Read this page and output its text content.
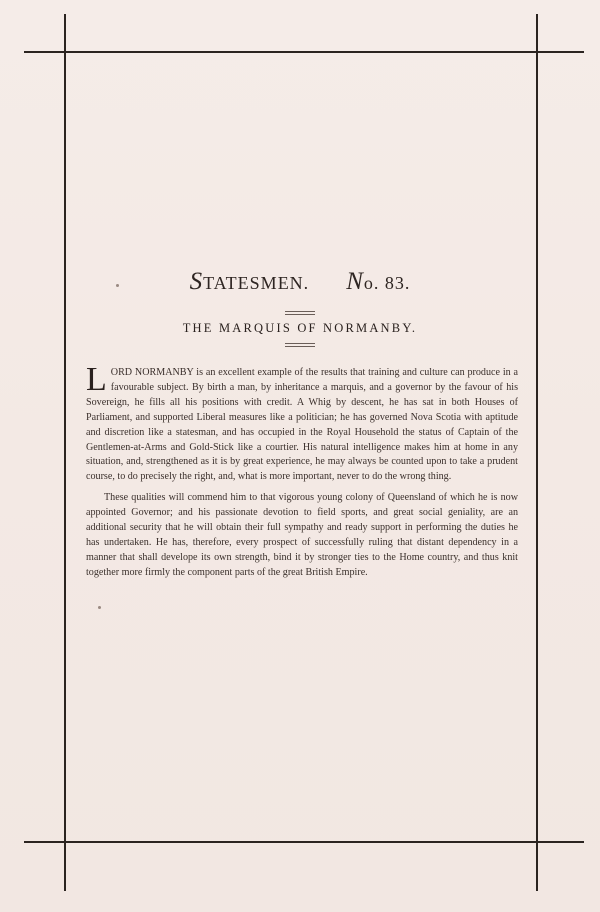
STATESMEN. No. 83.
THE MARQUIS OF NORMANBY.

LORD NORMANBY is an excellent example of the results that training and culture can produce in a favourable subject. By birth a man, by inheritance a marquis, and a governor by the favour of his Sovereign, he fills all his positions with credit. A Whig by descent, he has sat in both Houses of Parliament, and supported Liberal measures like a politician; he has governed Nova Scotia with aptitude and discretion like a statesman, and has occupied in the Royal Household the status of Captain of the Gentlemen-at-Arms and Gold-Stick like a courtier. His natural intelligence makes him at home in any situation, and, strengthened as it is by great experience, he may always be counted upon to take a prudent course, to do precisely the right, and, what is more important, never to do the wrong thing.

These qualities will commend him to that vigorous young colony of Queensland of which he is now appointed Governor; and his passionate devotion to field sports, and great social geniality, are an additional security that he will obtain their full sympathy and ready support in performing the duties he has undertaken. He has, therefore, every prospect of successfully ruling that distant dependency in a manner that shall develope its own strength, bind it by stronger ties to the Home country, and thus knit together more firmly the component parts of the great British Empire.
